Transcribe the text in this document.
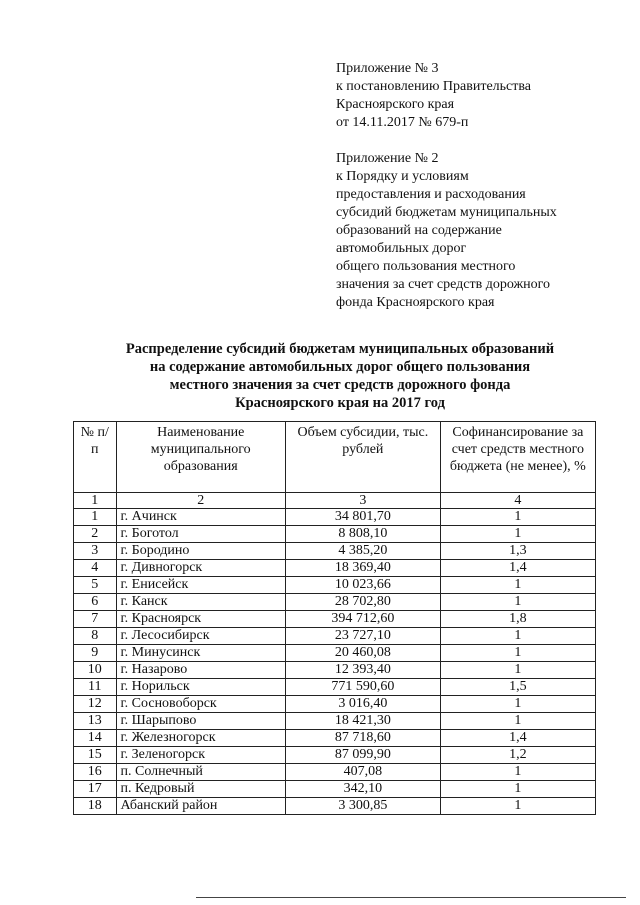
Приложение № 3
к постановлению Правительства
Красноярского края
от 14.11.2017 № 679-п
Приложение № 2
к Порядку и условиям
предоставления и расходования
субсидий бюджетам муниципальных
образований на содержание
автомобильных дорог
общего пользования местного
значения за счет средств дорожного
фонда Красноярского края
Распределение субсидий бюджетам муниципальных образований
на содержание автомобильных дорог общего пользования
местного значения за счет средств дорожного фонда
Красноярского края на 2017 год
№ п/п	Наименование муниципального образования	Объем субсидии, тыс. рублей	Софинансирование за счет средств местного бюджета (не менее), %
1	2	3	4
1	г. Ачинск	34 801,70	1
2	г. Боготол	8 808,10	1
3	г. Бородино	4 385,20	1,3
4	г. Дивногорск	18 369,40	1,4
5	г. Енисейск	10 023,66	1
6	г. Канск	28 702,80	1
7	г. Красноярск	394 712,60	1,8
8	г. Лесосибирск	23 727,10	1
9	г. Минусинск	20 460,08	1
10	г. Назарово	12 393,40	1
11	г. Норильск	771 590,60	1,5
12	г. Сосновоборск	3 016,40	1
13	г. Шарыпово	18 421,30	1
14	г. Железногорск	87 718,60	1,4
15	г. Зеленогорск	87 099,90	1,2
16	п. Солнечный	407,08	1
17	п. Кедровый	342,10	1
18	Абанский район	3 300,85	1
